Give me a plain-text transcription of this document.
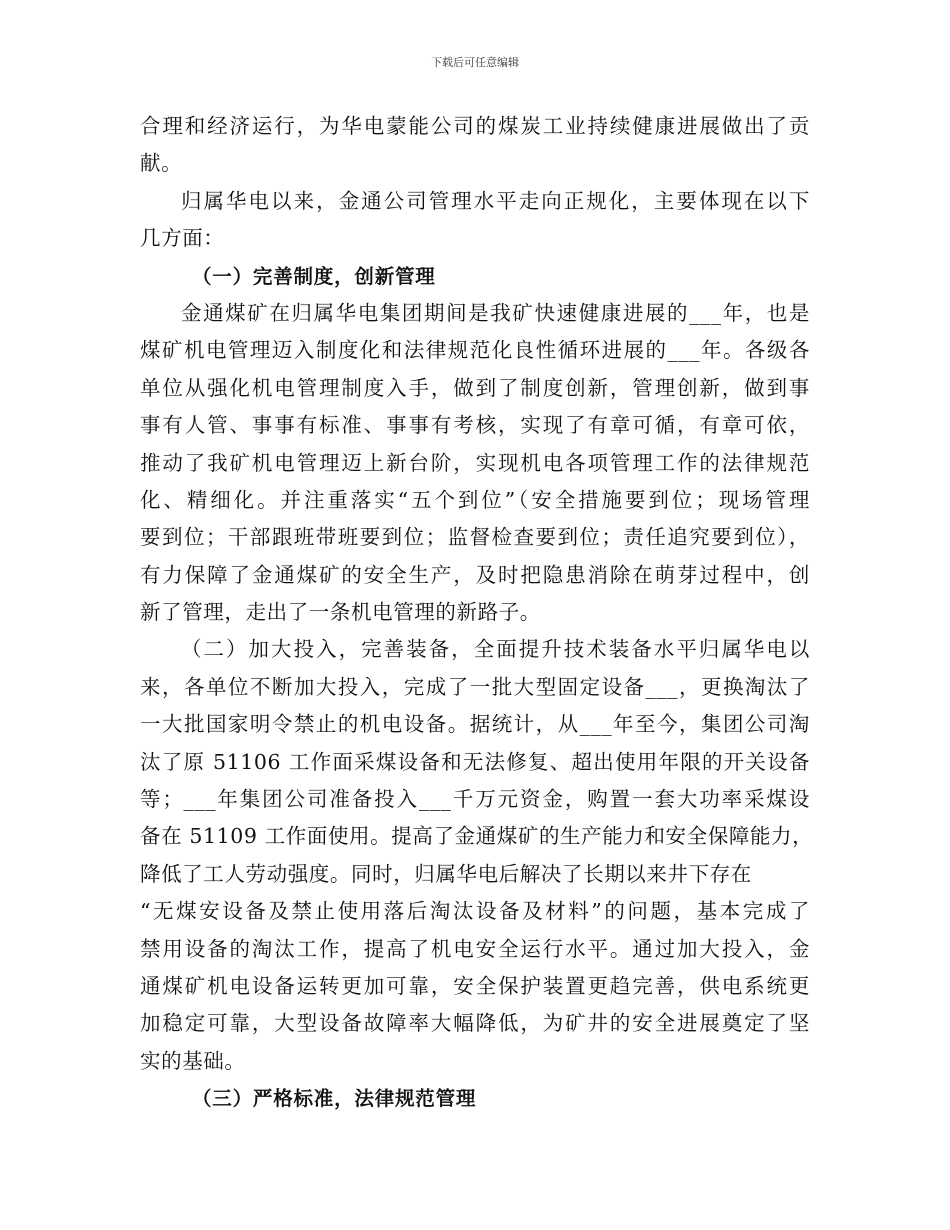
下载后可任意编辑
合理和经济运行，为华电蒙能公司的煤炭工业持续健康进展做出了贡
献。
归属华电以来，金通公司管理水平走向正规化，主要体现在以下
几方面：
（一）完善制度，创新管理
金通煤矿在归属华电集团期间是我矿快速健康进展的___年，也是
煤矿机电管理迈入制度化和法律规范化良性循环进展的___年。各级各
单位从强化机电管理制度入手，做到了制度创新，管理创新，做到事
事有人管、事事有标准、事事有考核，实现了有章可循，有章可依，
推动了我矿机电管理迈上新台阶，实现机电各项管理工作的法律规范
化、精细化。并注重落实“五个到位”（安全措施要到位；现场管理
要到位；干部跟班带班要到位；监督检查要到位；责任追究要到位），
有力保障了金通煤矿的安全生产，及时把隐患消除在萌芽过程中，创
新了管理，走出了一条机电管理的新路子。
（二）加大投入，完善装备，全面提升技术装备水平归属华电以
来，各单位不断加大投入，完成了一批大型固定设备___，更换淘汰了
一大批国家明令禁止的机电设备。据统计，从___年至今，集团公司淘
汰了原 51106 工作面采煤设备和无法修复、超出使用年限的开关设备
等；___年集团公司准备投入___千万元资金，购置一套大功率采煤设
备在 51109 工作面使用。提高了金通煤矿的生产能力和安全保障能力，
降低了工人劳动强度。同时，归属华电后解决了长期以来井下存在
“无煤安设备及禁止使用落后淘汰设备及材料”的问题，基本完成了
禁用设备的淘汰工作，提高了机电安全运行水平。通过加大投入，金
通煤矿机电设备运转更加可靠，安全保护装置更趋完善，供电系统更
加稳定可靠，大型设备故障率大幅降低，为矿井的安全进展奠定了坚
实的基础。
（三）严格标准，法律规范管理
